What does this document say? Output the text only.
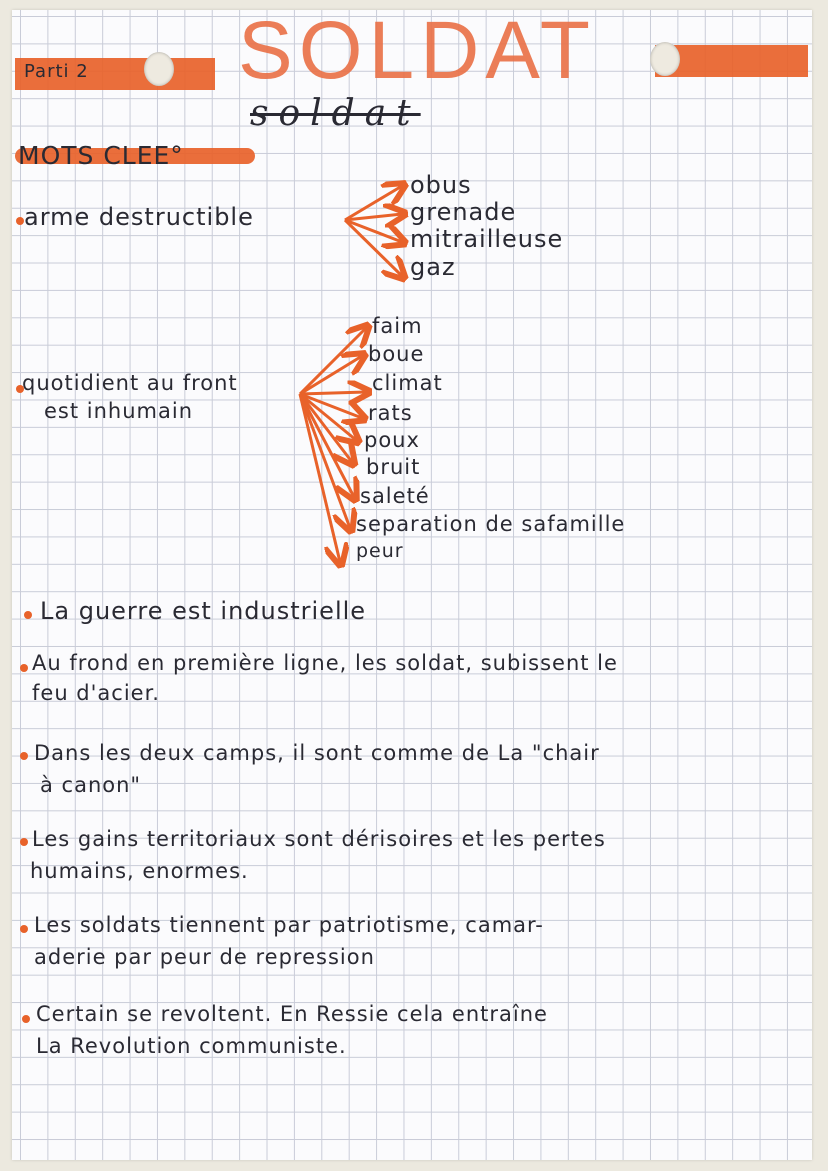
Parti 2 SOLDAT
soldat
MOTS CLEE°
arme destructible
obus
grenade
mitrailleuse
gaz
quotidient au front
est inhumain
faim
boue
climat
rats
poux
bruit
saleté
separation de safamille
peur
La guerre est industrielle
Au frond en première ligne, les soldat, subissent le
feu d'acier.
Dans les deux camps, il sont comme de La "chair
à canon"
Les gains territoriaux sont dérisoires et les pertes
humains, enormes.
Les soldats tiennent par patriotisme, camar-
aderie par peur de repression
Certain se revoltent. En Ressie cela entraîne
La Revolution communiste.
